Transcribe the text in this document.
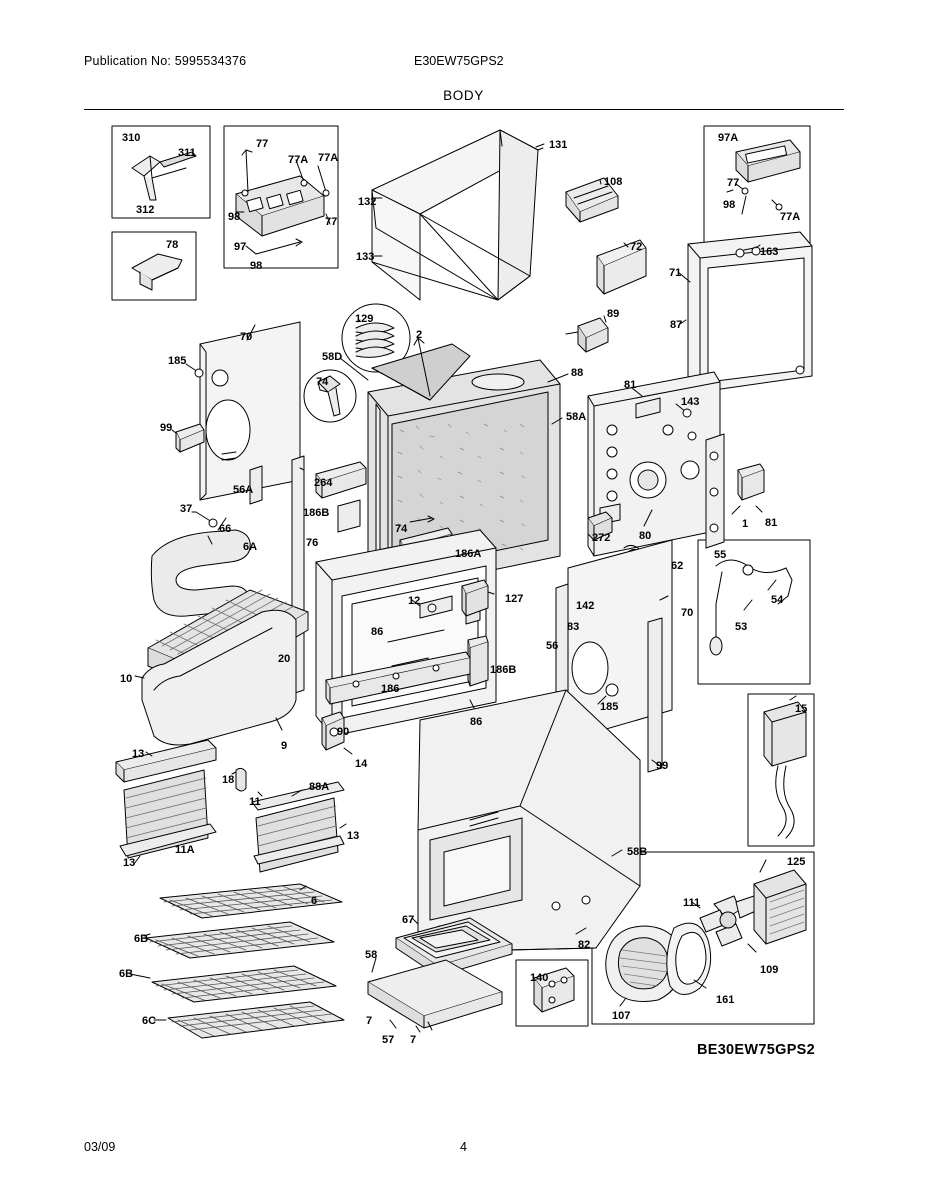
Publication No: 5995534376	E30EW75GPS2
BODY
310
311
312
78
77
77A 77A
98	77
97
98
131
132
133
108
72
97A
77
98
77A
163
71
87
129
2
89
185
70
58D
74
88
58A
81
143
99
56A
264
186B
37
66
76
74
186A
272	80
1 81
62
55
54
53
6A
12	127
142
83
56
70
86
20
10
186B
186
86
185
9
90
14	99
13
18
88A
11
13
11A
13
15
58B
125
6	111
6B
67
6B
58
82
140
109
161
107
6C
57
7
7
BE30EW75GPS2
03/09	4
